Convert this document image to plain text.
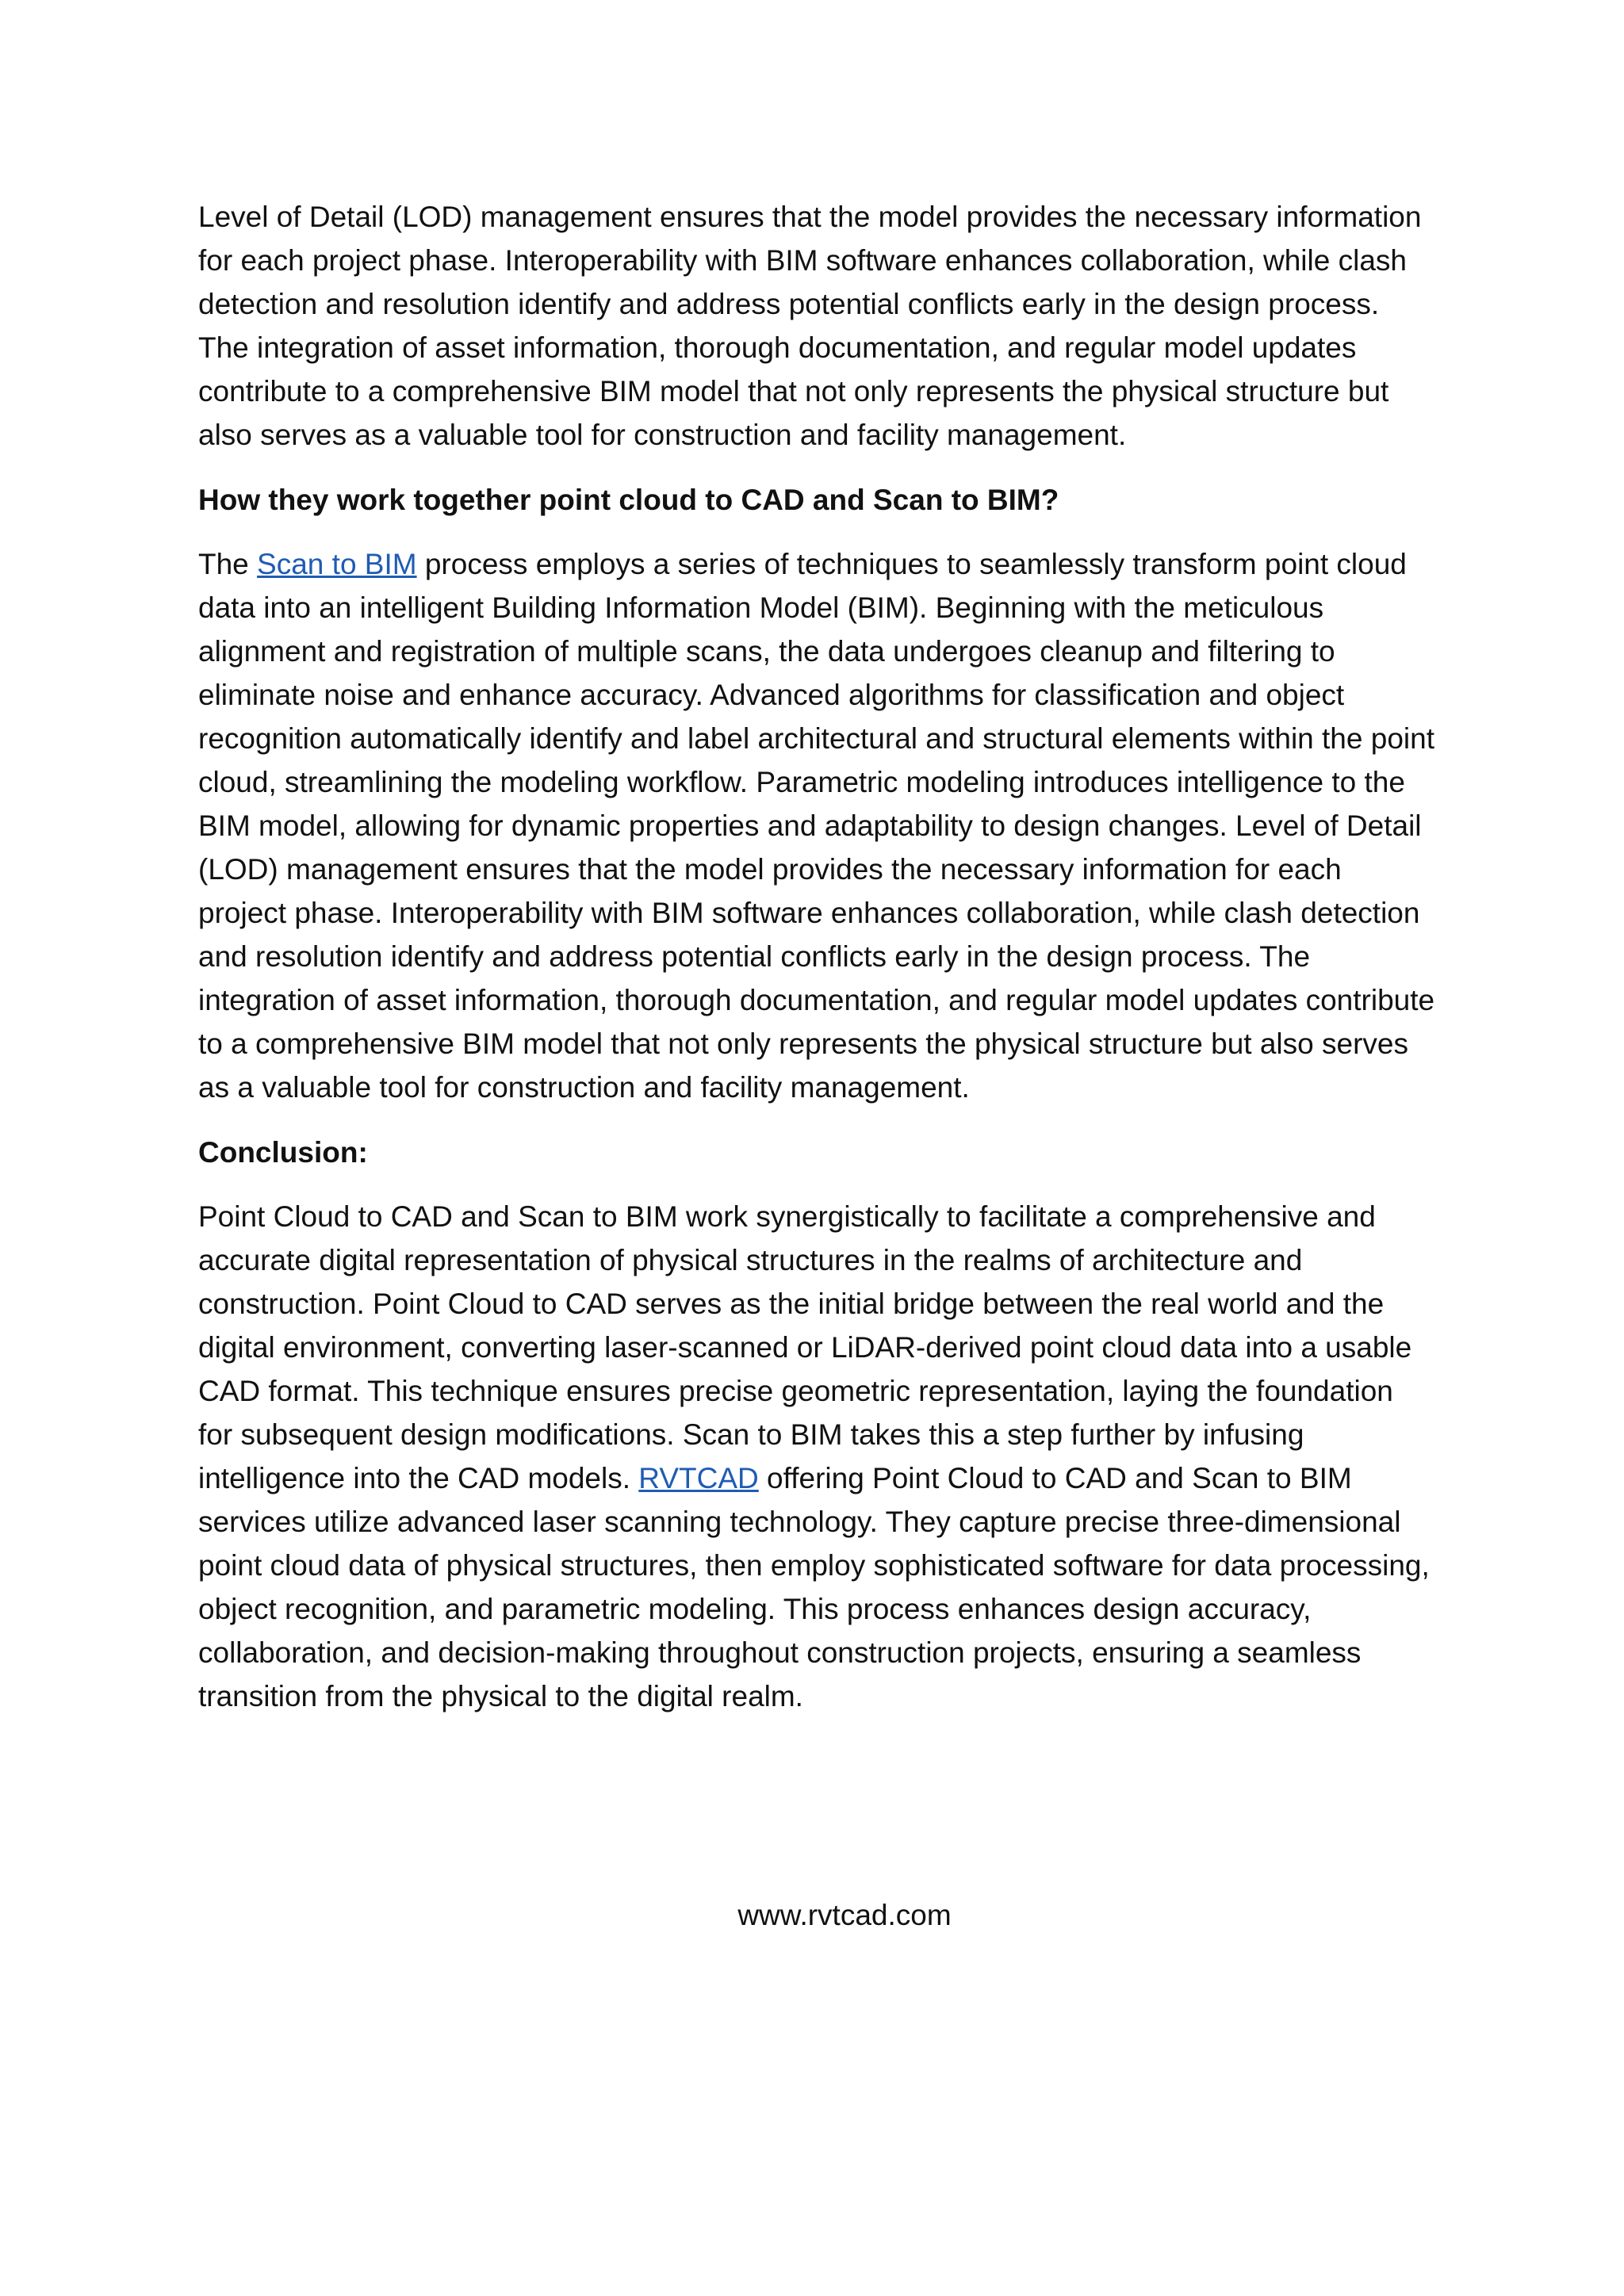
Level of Detail (LOD) management ensures that the model provides the necessary information for each project phase. Interoperability with BIM software enhances collaboration, while clash detection and resolution identify and address potential conflicts early in the design process. The integration of asset information, thorough documentation, and regular model updates contribute to a comprehensive BIM model that not only represents the physical structure but also serves as a valuable tool for construction and facility management.

How they work together point cloud to CAD and Scan to BIM?

The Scan to BIM process employs a series of techniques to seamlessly transform point cloud data into an intelligent Building Information Model (BIM). Beginning with the meticulous alignment and registration of multiple scans, the data undergoes cleanup and filtering to eliminate noise and enhance accuracy. Advanced algorithms for classification and object recognition automatically identify and label architectural and structural elements within the point cloud, streamlining the modeling workflow. Parametric modeling introduces intelligence to the BIM model, allowing for dynamic properties and adaptability to design changes. Level of Detail (LOD) management ensures that the model provides the necessary information for each project phase. Interoperability with BIM software enhances collaboration, while clash detection and resolution identify and address potential conflicts early in the design process. The integration of asset information, thorough documentation, and regular model updates contribute to a comprehensive BIM model that not only represents the physical structure but also serves as a valuable tool for construction and facility management.

Conclusion:

Point Cloud to CAD and Scan to BIM work synergistically to facilitate a comprehensive and accurate digital representation of physical structures in the realms of architecture and construction. Point Cloud to CAD serves as the initial bridge between the real world and the digital environment, converting laser-scanned or LiDAR-derived point cloud data into a usable CAD format. This technique ensures precise geometric representation, laying the foundation for subsequent design modifications. Scan to BIM takes this a step further by infusing intelligence into the CAD models. RVTCAD offering Point Cloud to CAD and Scan to BIM services utilize advanced laser scanning technology. They capture precise three-dimensional point cloud data of physical structures, then employ sophisticated software for data processing, object recognition, and parametric modeling. This process enhances design accuracy, collaboration, and decision-making throughout construction projects, ensuring a seamless transition from the physical to the digital realm.

www.rvtcad.com
